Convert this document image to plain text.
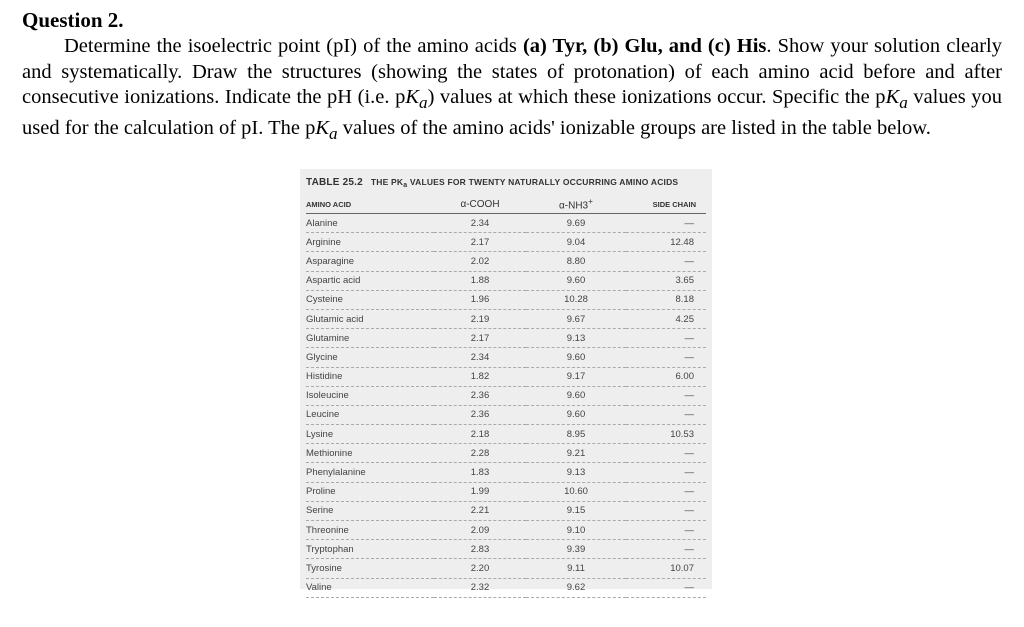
Question 2.

Determine the isoelectric point (pI) of the amino acids (a) Tyr, (b) Glu, and (c) His. Show your solution clearly and systematically. Draw the structures (showing the states of protonation) of each amino acid before and after consecutive ionizations. Indicate the pH (i.e. $pK_a$) values at which these ionizations occur. Specific the $pK_a$ values you used for the calculation of pI. The $pK_a$ values of the amino acids' ionizable groups are listed in the table below.

TABLE 25.2 THE $PK_a$ VALUES FOR TWENTY NATURALLY OCCURRING AMINO ACIDS
AMINO ACID	α-COOH	α-NH3+	SIDE CHAIN
Alanine	2.34	9.69	—
Arginine	2.17	9.04	12.48
Asparagine	2.02	8.80	—
Aspartic acid	1.88	9.60	3.65
Cysteine	1.96	10.28	8.18
Glutamic acid	2.19	9.67	4.25
Glutamine	2.17	9.13	—
Glycine	2.34	9.60	—
Histidine	1.82	9.17	6.00
Isoleucine	2.36	9.60	—
Leucine	2.36	9.60	—
Lysine	2.18	8.95	10.53
Methionine	2.28	9.21	—
Phenylalanine	1.83	9.13	—
Proline	1.99	10.60	—
Serine	2.21	9.15	—
Threonine	2.09	9.10	—
Tryptophan	2.83	9.39	—
Tyrosine	2.20	9.11	10.07
Valine	2.32	9.62	—
